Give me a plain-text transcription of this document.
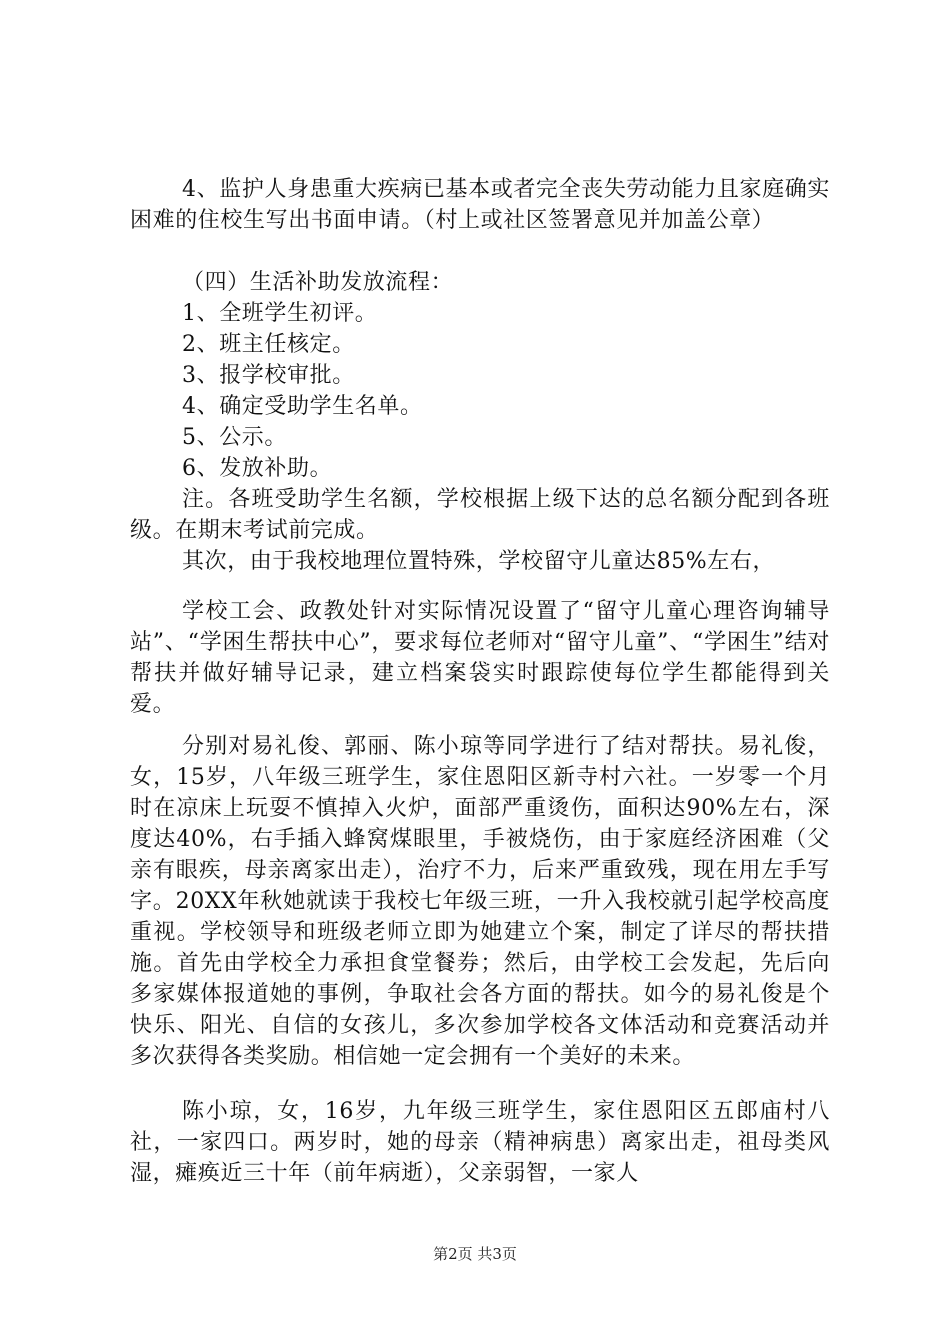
4、监护人身患重大疾病已基本或者完全丧失劳动能力且家庭确实困难的住校生写出书面申请。（村上或社区签署意见并加盖公章）

（四）生活补助发放流程：

1、全班学生初评。

2、班主任核定。

3、报学校审批。

4、确定受助学生名单。

5、公示。

6、发放补助。

注。各班受助学生名额，学校根据上级下达的总名额分配到各班级。在期末考试前完成。

其次，由于我校地理位置特殊，学校留守儿童达85%左右，

学校工会、政教处针对实际情况设置了“留守儿童心理咨询辅导站”、“学困生帮扶中心”，要求每位老师对“留守儿童”、“学困生”结对帮扶并做好辅导记录，建立档案袋实时跟踪使每位学生都能得到关爱。

分别对易礼俊、郭丽、陈小琼等同学进行了结对帮扶。易礼俊，女，15岁，八年级三班学生，家住恩阳区新寺村六社。一岁零一个月时在凉床上玩耍不慎掉入火炉，面部严重烫伤，面积达90%左右，深度达40%，右手插入蜂窝煤眼里，手被烧伤，由于家庭经济困难（父亲有眼疾，母亲离家出走），治疗不力，后来严重致残，现在用左手写字。20XX年秋她就读于我校七年级三班，一升入我校就引起学校高度重视。学校领导和班级老师立即为她建立个案，制定了详尽的帮扶措施。首先由学校全力承担食堂餐券；然后，由学校工会发起，先后向多家媒体报道她的事例，争取社会各方面的帮扶。如今的易礼俊是个快乐、阳光、自信的女孩儿，多次参加学校各文体活动和竞赛活动并多次获得各类奖励。相信她一定会拥有一个美好的未来。

陈小琼，女，16岁，九年级三班学生，家住恩阳区五郎庙村八社，一家四口。两岁时，她的母亲（精神病患）离家出走，祖母类风湿，瘫痪近三十年（前年病逝），父亲弱智，一家人

第2页 共3页
